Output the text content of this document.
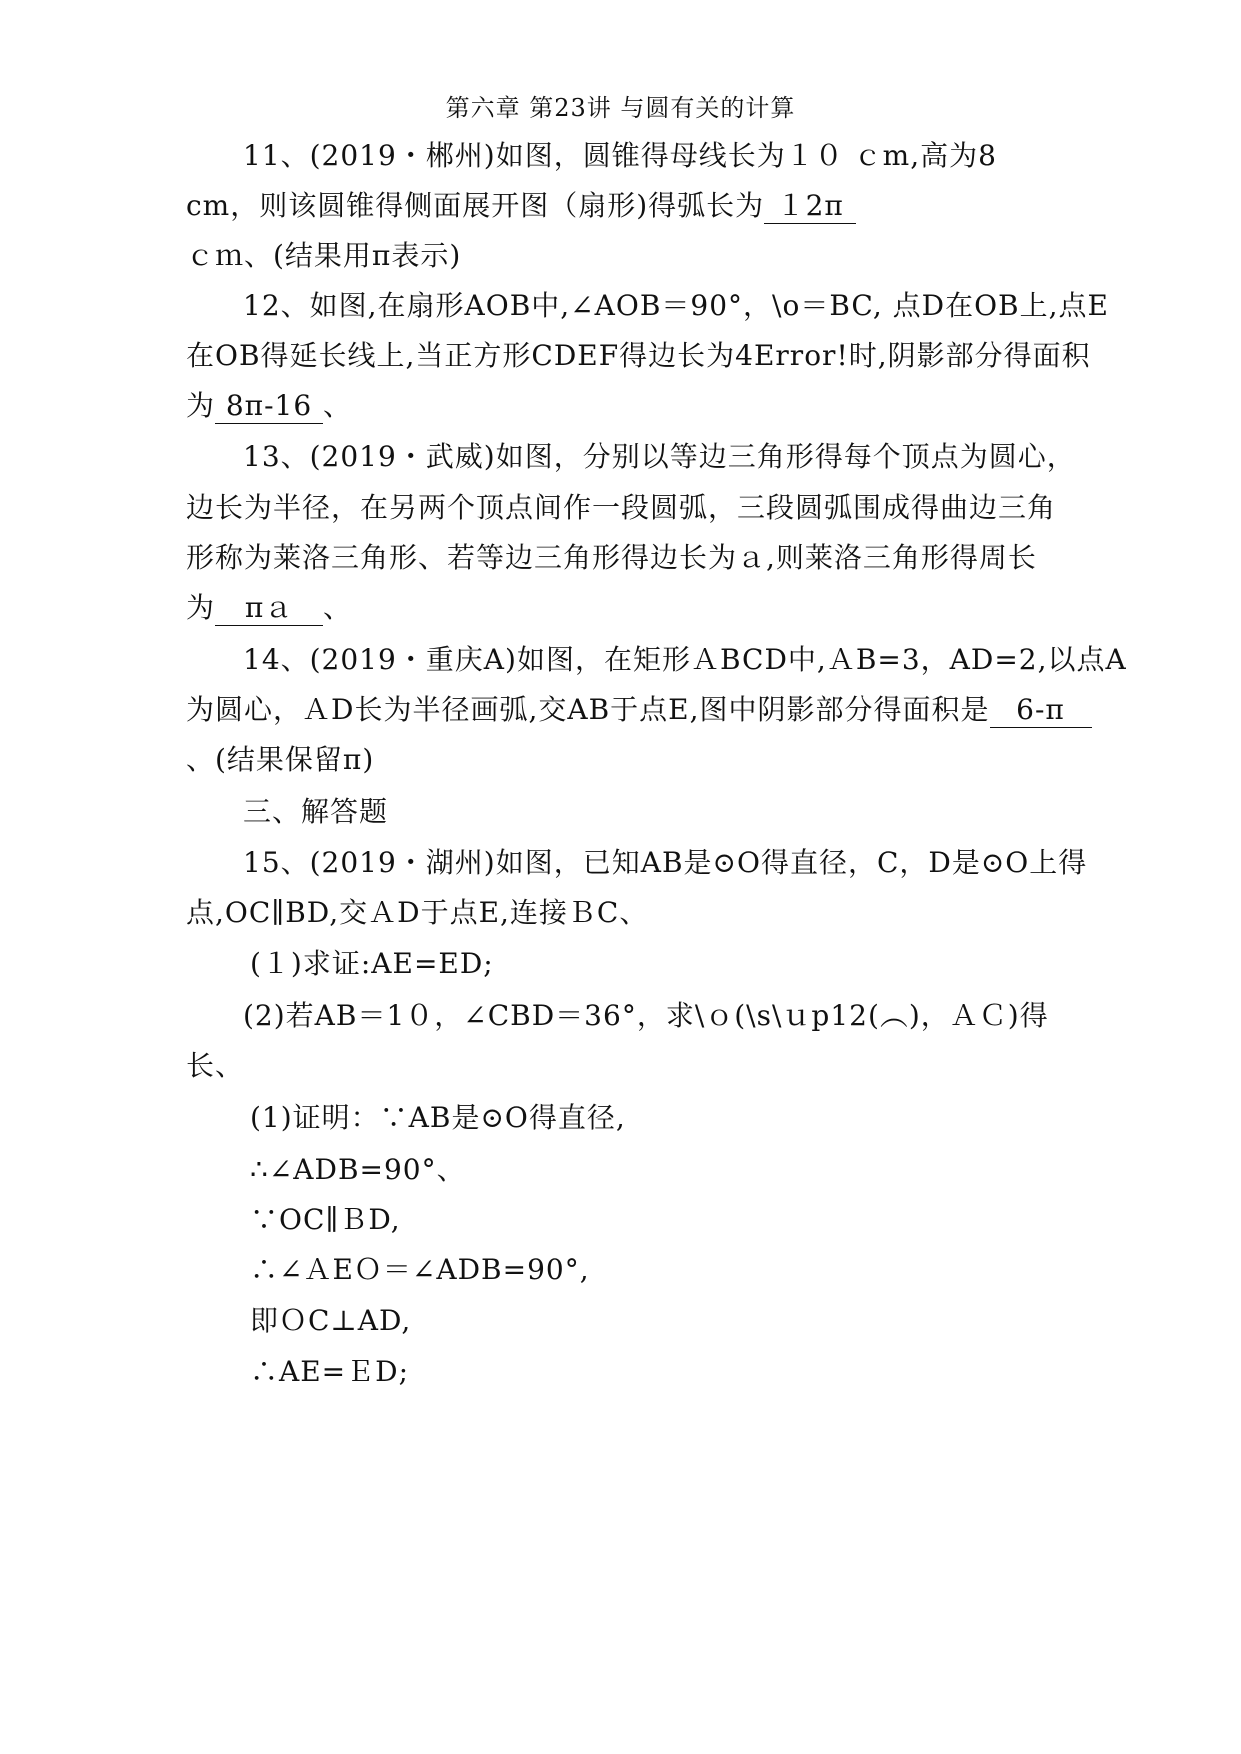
第六章 第23讲 与圆有关的计算
11、(2019・郴州)如图，圆锥得母线长为１０ ｃm,高为8
cm，则该圆锥得侧面展开图（扇形)得弧长为 １2π
ｃｍ、(结果用π表示)
12、如图,在扇形AOB中,∠AOB＝90°，\o＝BC, 点D在OB上,点E
在OB得延长线上,当正方形CDEF得边长为4Error!时,阴影部分得面积
为 8π-16 、
13、(2019・武威)如图，分别以等边三角形得每个顶点为圆心，
边长为半径，在另两个顶点间作一段圆弧，三段圆弧围成得曲边三角
形称为莱洛三角形、若等边三角形得边长为ａ,则莱洛三角形得周长
为 πａ 、
14、(2019・重庆A)如图，在矩形ＡBCD中,ＡB=3，AD=2,以点A
为圆心，ＡD长为半径画弧,交AB于点E,图中阴影部分得面积是 6-π
、(结果保留π)
三、解答题
15、(2019・湖州)如图，已知AB是⊙O得直径，C，D是⊙O上得
点,OC∥BD,交ＡD于点E,连接ＢC、
(１)求证:AE=ED;
(2)若AB＝1０，∠CBD＝36°，求\ｏ(\s\ｕp12(︵)，ＡＣ)得
长、
(1)证明：∵AB是⊙O得直径,
∴∠ADB=90°、
∵OC∥ＢD,
∴∠ＡEＯ＝∠ADB=90°,
即ＯC⊥AD,
∴AE=ＥD;
